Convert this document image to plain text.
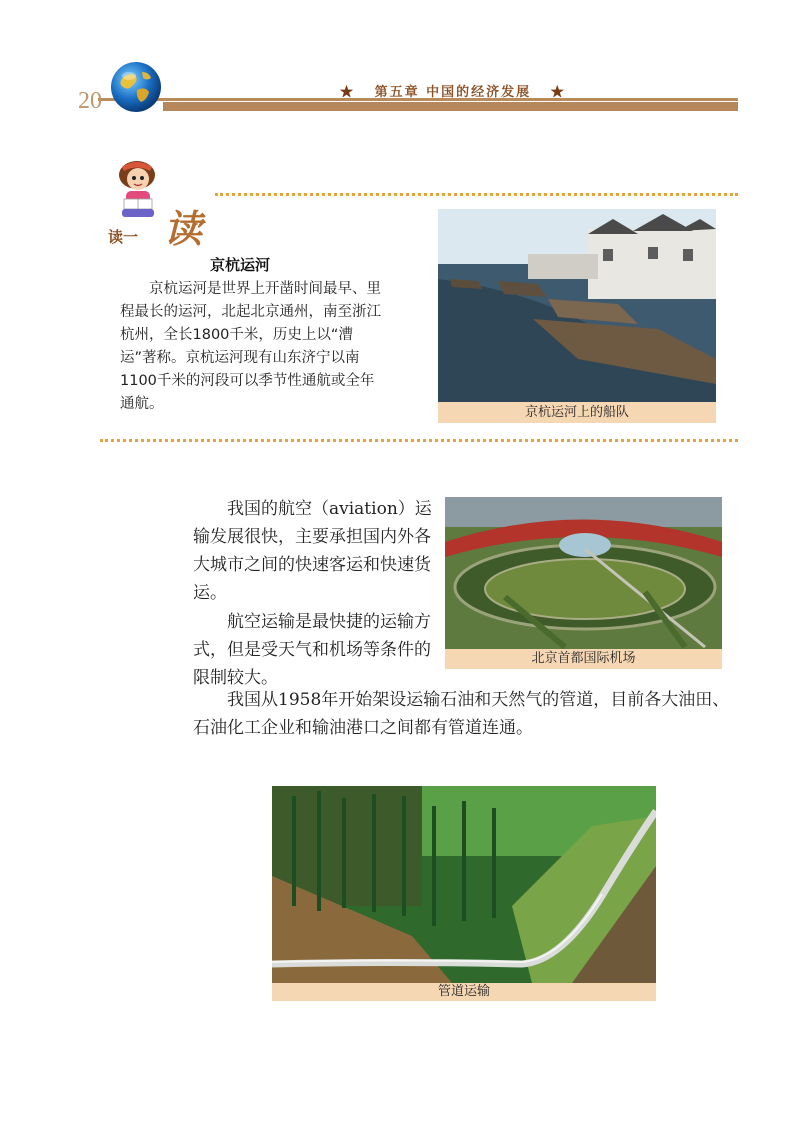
20	★ 第五章 中国的经济发展 ★
读一 读
京杭运河
京杭运河是世界上开凿时间最早、里程最长的运河，北起北京通州，南至浙江杭州，全长1800千米，历史上以“漕运”著称。京杭运河现有山东济宁以南1100千米的河段可以季节性通航或全年通航。
京杭运河上的船队
我国的航空（aviation）运输发展很快，主要承担国内外各大城市之间的快速客运和快速货运。
航空运输是最快捷的运输方式，但是受天气和机场等条件的限制较大。
北京首都国际机场
我国从1958年开始架设运输石油和天然气的管道，目前各大油田、石油化工企业和输油港口之间都有管道连通。
管道运输
